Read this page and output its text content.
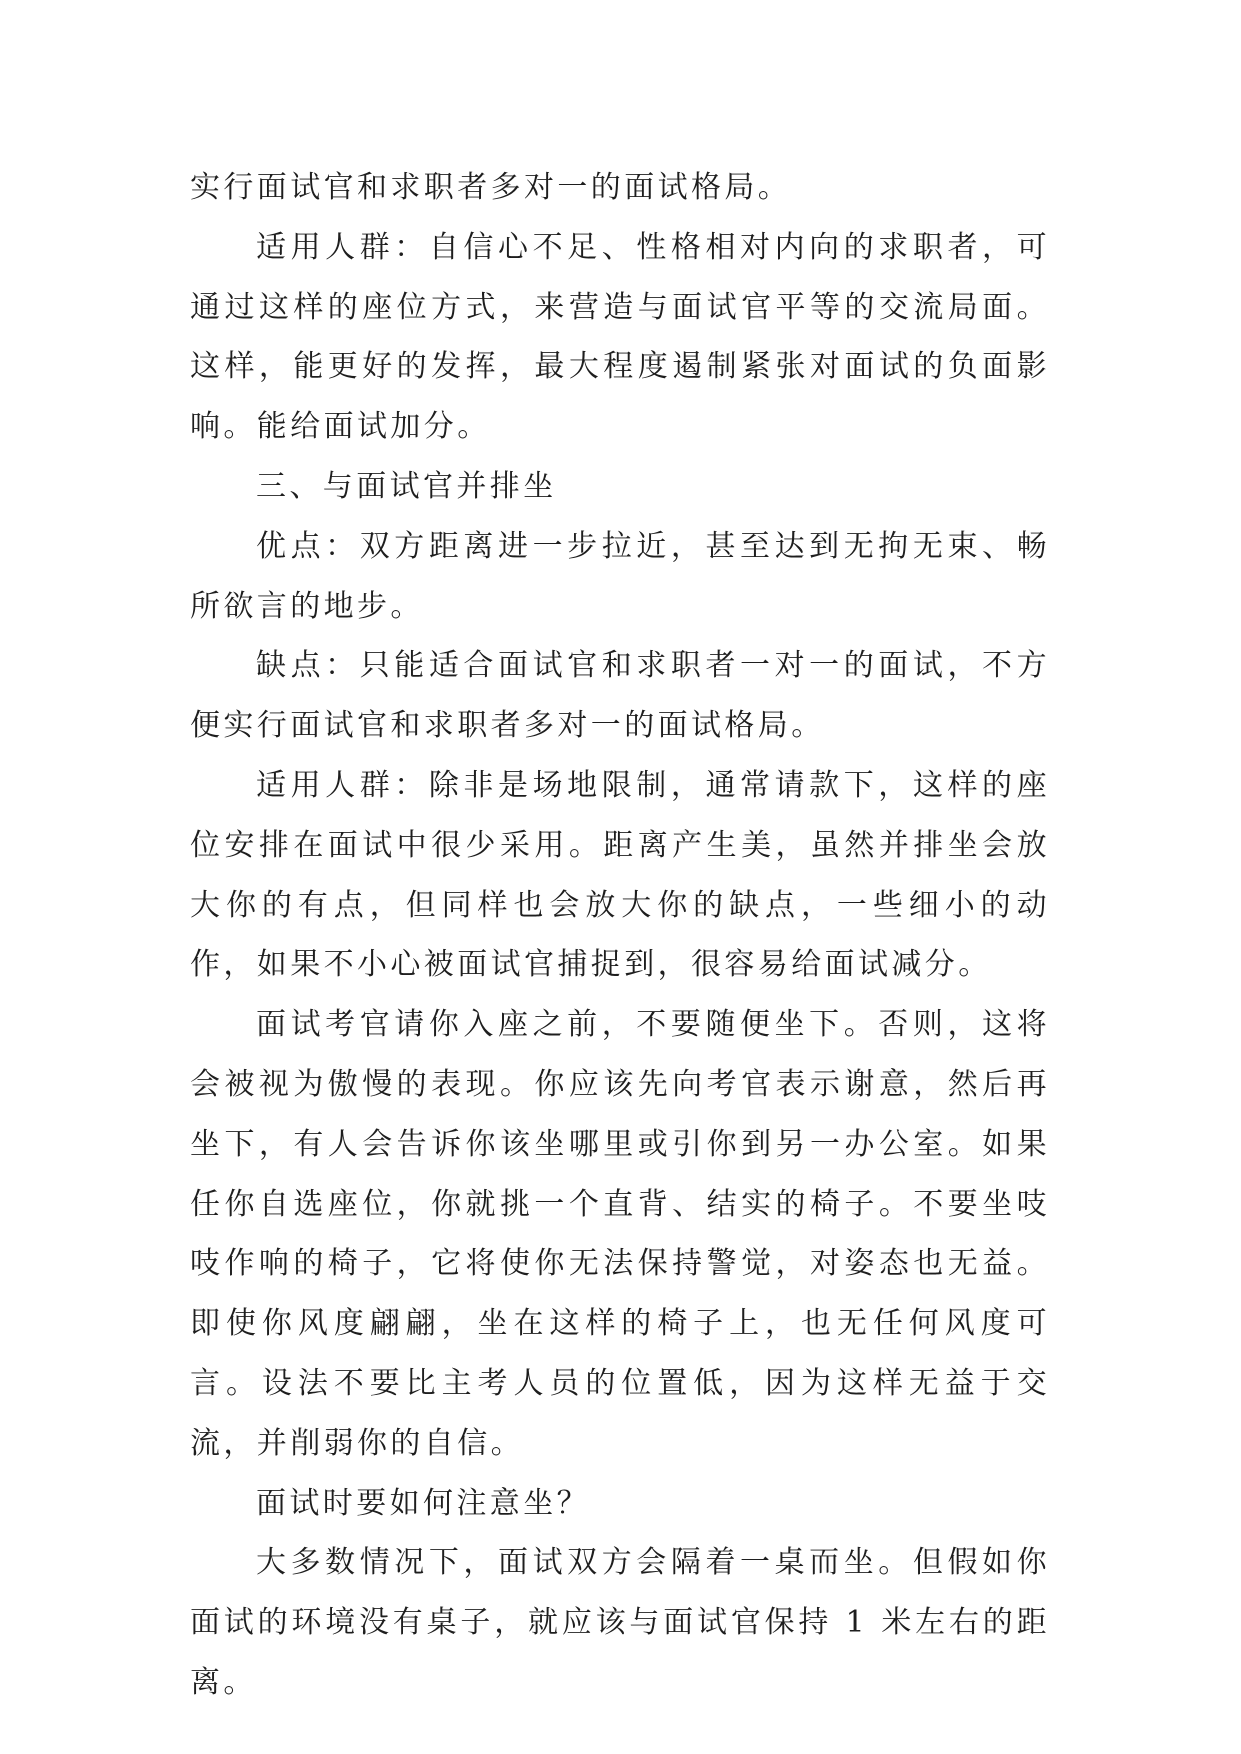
实行面试官和求职者多对一的面试格局。

适用人群：自信心不足、性格相对内向的求职者，可通过这样的座位方式，来营造与面试官平等的交流局面。这样，能更好的发挥，最大程度遏制紧张对面试的负面影响。能给面试加分。

三、与面试官并排坐

优点：双方距离进一步拉近，甚至达到无拘无束、畅所欲言的地步。

缺点：只能适合面试官和求职者一对一的面试，不方便实行面试官和求职者多对一的面试格局。

适用人群：除非是场地限制，通常请款下，这样的座位安排在面试中很少采用。距离产生美，虽然并排坐会放大你的有点，但同样也会放大你的缺点，一些细小的动作，如果不小心被面试官捕捉到，很容易给面试减分。

面试考官请你入座之前，不要随便坐下。否则，这将会被视为傲慢的表现。你应该先向考官表示谢意，然后再坐下，有人会告诉你该坐哪里或引你到另一办公室。如果任你自选座位，你就挑一个直背、结实的椅子。不要坐吱吱作响的椅子，它将使你无法保持警觉，对姿态也无益。即使你风度翩翩，坐在这样的椅子上，也无任何风度可言。设法不要比主考人员的位置低，因为这样无益于交流，并削弱你的自信。

面试时要如何注意坐？

大多数情况下，面试双方会隔着一桌而坐。但假如你面试的环境没有桌子，就应该与面试官保持 1 米左右的距离。
